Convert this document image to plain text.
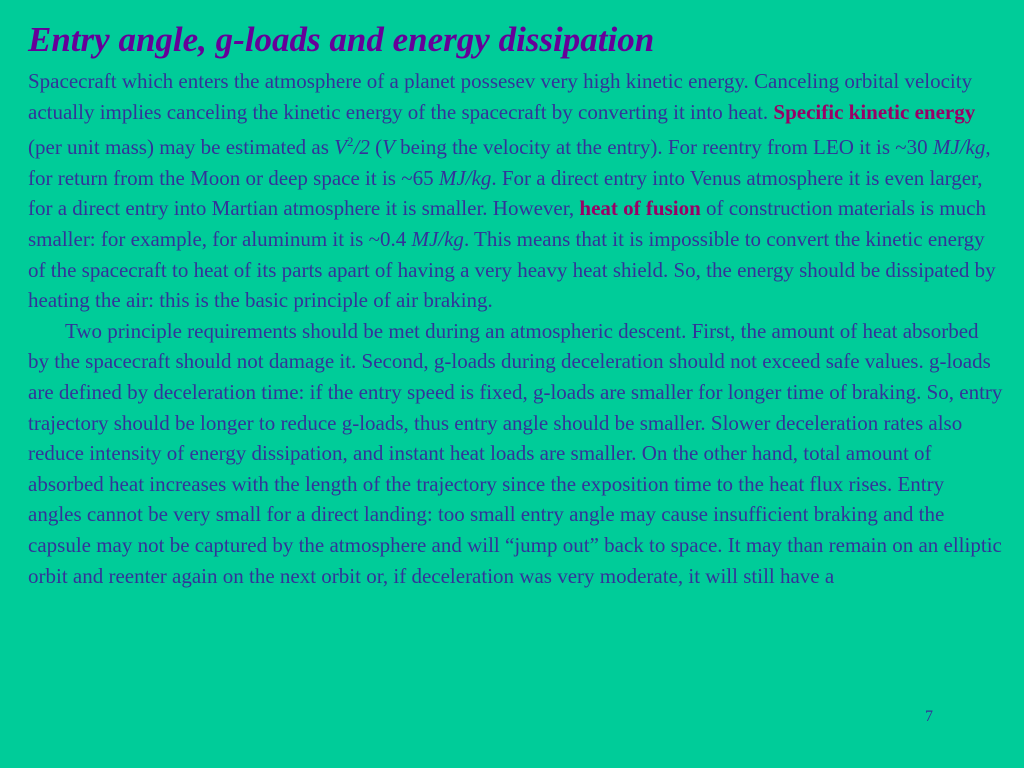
Entry angle, g-loads and energy dissipation

Spacecraft which enters the atmosphere of a planet possesev very high kinetic energy. Canceling orbital velocity actually implies canceling the kinetic energy of the spacecraft by converting it into heat. Specific kinetic energy (per unit mass) may be estimated as $V^2/2$ (V being the velocity at the entry). For reentry from LEO it is ~30 MJ/kg, for return from the Moon or deep space it is ~65 MJ/kg. For a direct entry into Venus atmosphere it is even larger, for a direct entry into Martian atmosphere it is smaller. However, heat of fusion of construction materials is much smaller: for example, for aluminum it is ~0.4 MJ/kg. This means that it is impossible to convert the kinetic energy of the spacecraft to heat of its parts apart of having a very heavy heat shield. So, the energy should be dissipated by heating the air: this is the basic principle of air braking.

Two principle requirements should be met during an atmospheric descent. First, the amount of heat absorbed by the spacecraft should not damage it. Second, g-loads during deceleration should not exceed safe values. g-loads are defined by deceleration time: if the entry speed is fixed, g-loads are smaller for longer time of braking. So, entry trajectory should be longer to reduce g-loads, thus entry angle should be smaller. Slower deceleration rates also reduce intensity of energy dissipation, and instant heat loads are smaller. On the other hand, total amount of absorbed heat increases with the length of the trajectory since the exposition time to the heat flux rises. Entry angles cannot be very small for a direct landing: too small entry angle may cause insufficient braking and the capsule may not be captured by the atmosphere and will “jump out” back to space. It may than remain on an elliptic orbit and reenter again on the next orbit or, if deceleration was very moderate, it will still have a

7
